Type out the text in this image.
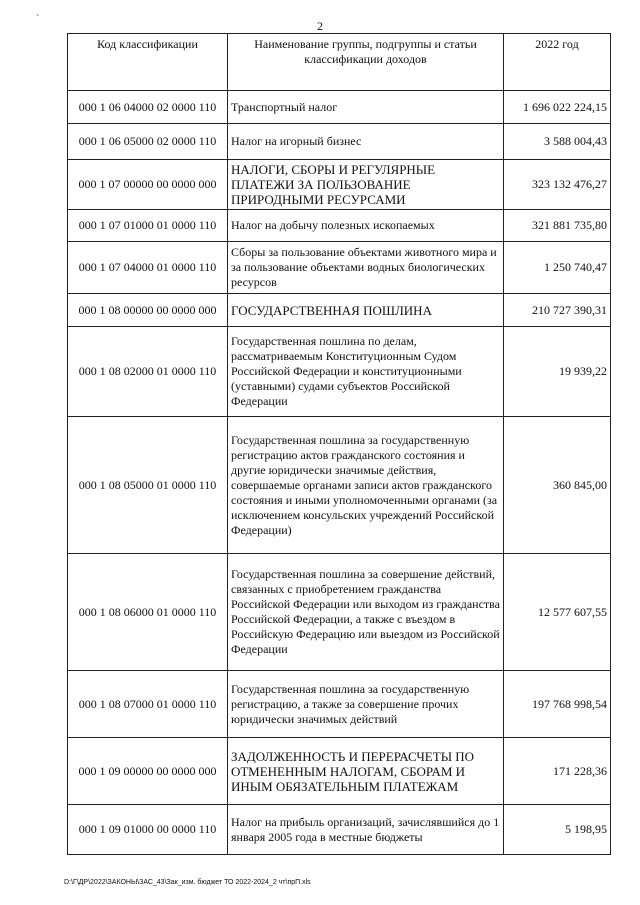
`	2
Код классификации	Наименование группы, подгруппы и статьи классификации доходов	2022 год
000 1 06 04000 02 0000 110	Транспортный налог	1 696 022 224,15
000 1 06 05000 02 0000 110	Налог на игорный бизнес	3 588 004,43
000 1 07 00000 00 0000 000	НАЛОГИ, СБОРЫ И РЕГУЛЯРНЫЕ ПЛАТЕЖИ ЗА ПОЛЬЗОВАНИЕ ПРИРОДНЫМИ РЕСУРСАМИ	323 132 476,27
000 1 07 01000 01 0000 110	Налог на добычу полезных ископаемых	321 881 735,80
000 1 07 04000 01 0000 110	Сборы за пользование объектами животного мира и за пользование объектами водных биологических ресурсов	1 250 740,47
000 1 08 00000 00 0000 000	ГОСУДАРСТВЕННАЯ ПОШЛИНА	210 727 390,31
000 1 08 02000 01 0000 110	Государственная пошлина по делам, рассматриваемым Конституционным Судом Российской Федерации и конституционными (уставными) судами субъектов Российской Федерации	19 939,22
000 1 08 05000 01 0000 110	Государственная пошлина за государственную регистрацию актов гражданского состояния и другие юридически значимые действия, совершаемые органами записи актов гражданского состояния и иными уполномоченными органами (за исключением консульских учреждений Российской Федерации)	360 845,00
000 1 08 06000 01 0000 110	Государственная пошлина за совершение действий, связанных с приобретением гражданства Российской Федерации или выходом из гражданства Российской Федерации, а также с въездом в Российскую Федерацию или выездом из Российской Федерации	12 577 607,55
000 1 08 07000 01 0000 110	Государственная пошлина за государственную регистрацию, а также за совершение прочих юридически значимых действий	197 768 998,54
000 1 09 00000 00 0000 000	ЗАДОЛЖЕННОСТЬ И ПЕРЕРАСЧЕТЫ ПО ОТМЕНЕННЫМ НАЛОГАМ, СБОРАМ И ИНЫМ ОБЯЗАТЕЛЬНЫМ ПЛАТЕЖАМ	171 228,36
000 1 09 01000 00 0000 110	Налог на прибыль организаций, зачислявшийся до 1 января 2005 года в местные бюджеты	5 198,95
D:\Г\ДР\2022\ЗАКОНЫ\ЗАС_43\Зак_изм. бюджет ТО 2022-2024_2 чт\прП.xls
